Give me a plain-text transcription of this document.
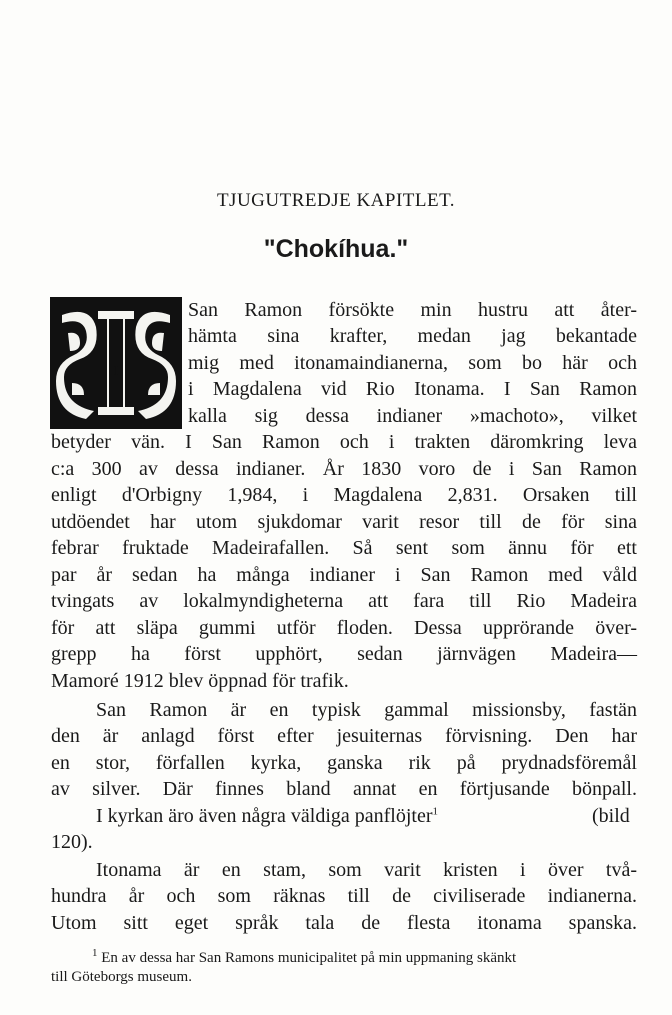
TJUGUTREDJE KAPITLET.
"Chokíhua."
I
San Ramon försökte min hustru att åter-
hämta sina krafter, medan jag bekantade
mig med itonamaindianerna, som bo här och
i Magdalena vid Rio Itonama. I San Ramon
kalla sig dessa indianer »machoto», vilket
betyder vän. I San Ramon och i trakten däromkring leva
c:a 300 av dessa indianer. År 1830 voro de i San Ramon
enligt d'Orbigny 1,984, i Magdalena 2,831. Orsaken till
utdöendet har utom sjukdomar varit resor till de för sina
febrar fruktade Madeirafallen. Så sent som ännu för ett
par år sedan ha många indianer i San Ramon med våld
tvingats av lokalmyndigheterna att fara till Rio Madeira
för att släpa gummi utför floden. Dessa upprörande över-
grepp ha först upphört, sedan järnvägen Madeira—
Mamoré 1912 blev öppnad för trafik.
San Ramon är en typisk gammal missionsby, fastän
den är anlagd först efter jesuiternas förvisning. Den har
en stor, förfallen kyrka, ganska rik på prydnadsföremål
av silver. Där finnes bland annat en förtjusande bönpall.
I kyrkan äro även några väldiga panflöjter$^1$	(bild
120).
Itonama är en stam, som varit kristen i över två-
hundra år och som räknas till de civiliserade indianerna.
Utom sitt eget språk tala de flesta itonama spanska.
$^1$ En av dessa har San Ramons municipalitet på min uppmaning skänkt
till Göteborgs museum.
